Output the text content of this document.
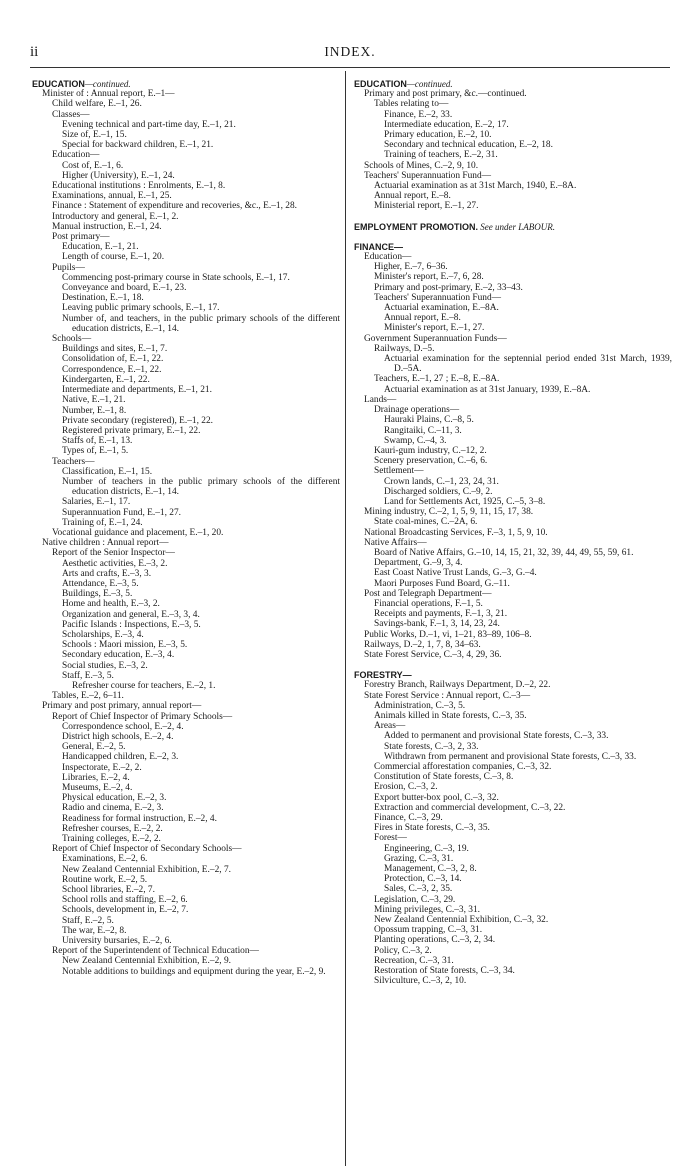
ii	INDEX.
EDUCATION—continued.
Minister of : Annual report, E.–1—
Child welfare, E.–1, 26.
Classes—
Evening technical and part-time day, E.–1, 21.
Size of, E.–1, 15.
Special for backward children, E.–1, 21.
Education—
Cost of, E.–1, 6.
Higher (University), E.–1, 24.
Educational institutions : Enrolments, E.–1, 8.
Examinations, annual, E.–1, 25.
Finance : Statement of expenditure and recoveries, &c., E.–1, 28.
Introductory and general, E.–1, 2.
Manual instruction, E.–1, 24.
Post primary—
Education, E.–1, 21.
Length of course, E.–1, 20.
Pupils—
Commencing post-primary course in State schools, E.–1, 17.
Conveyance and board, E.–1, 23.
Destination, E.–1, 18.
Leaving public primary schools, E.–1, 17.
Number of, and teachers, in the public primary schools of the different education districts, E.–1, 14.
Schools—
Buildings and sites, E.–1, 7.
Consolidation of, E.–1, 22.
Correspondence, E.–1, 22.
Kindergarten, E.–1, 22.
Intermediate and departments, E.–1, 21.
Native, E.–1, 21.
Number, E.–1, 8.
Private secondary (registered), E.–1, 22.
Registered private primary, E.–1, 22.
Staffs of, E.–1, 13.
Types of, E.–1, 5.
Teachers—
Classification, E.–1, 15.
Number of teachers in the public primary schools of the different education districts, E.–1, 14.
Salaries, E.–1, 17.
Superannuation Fund, E.–1, 27.
Training of, E.–1, 24.
Vocational guidance and placement, E.–1, 20.
Native children : Annual report—
Report of the Senior Inspector—
Aesthetic activities, E.–3, 2.
Arts and crafts, E.–3, 3.
Attendance, E.–3, 5.
Buildings, E.–3, 5.
Home and health, E.–3, 2.
Organization and general, E.–3, 3, 4.
Pacific Islands : Inspections, E.–3, 5.
Scholarships, E.–3, 4.
Schools : Maori mission, E.–3, 5.
Secondary education, E.–3, 4.
Social studies, E.–3, 2.
Staff, E.–3, 5.
Refresher course for teachers, E.–2, 1.
Tables, E.–2, 6–11.
Primary and post primary, annual report—
Report of Chief Inspector of Primary Schools—
Correspondence school, E.–2, 4.
District high schools, E.–2, 4.
General, E.–2, 5.
Handicapped children, E.–2, 3.
Inspectorate, E.–2, 2.
Libraries, E.–2, 4.
Museums, E.–2, 4.
Physical education, E.–2, 3.
Radio and cinema, E.–2, 3.
Readiness for formal instruction, E.–2, 4.
Refresher courses, E.–2, 2.
Training colleges, E.–2, 2.
Report of Chief Inspector of Secondary Schools—
Examinations, E.–2, 6.
New Zealand Centennial Exhibition, E.–2, 7.
Routine work, E.–2, 5.
School libraries, E.–2, 7.
School rolls and staffing, E.–2, 6.
Schools, development in, E.–2, 7.
Staff, E.–2, 5.
The war, E.–2, 8.
University bursaries, E.–2, 6.
Report of the Superintendent of Technical Education—
New Zealand Centennial Exhibition, E.–2, 9.
Notable additions to buildings and equipment during the year, E.–2, 9.
EDUCATION—continued.
Primary and post primary, &c.—continued.
Tables relating to—
Finance, E.–2, 33.
Intermediate education, E.–2, 17.
Primary education, E.–2, 10.
Secondary and technical education, E.–2, 18.
Training of teachers, E.–2, 31.
Schools of Mines, C.–2, 9, 10.
Teachers' Superannuation Fund—
Actuarial examination as at 31st March, 1940, E.–8A.
Annual report, E.–8.
Ministerial report, E.–1, 27.
EMPLOYMENT PROMOTION. See under LABOUR.
FINANCE—
Education—
Higher, E.–7, 6–36.
Minister's report, E.–7, 6, 28.
Primary and post-primary, E.–2, 33–43.
Teachers' Superannuation Fund—
Actuarial examination, E.–8A.
Annual report, E.–8.
Minister's report, E.–1, 27.
Government Superannuation Funds—
Railways, D.–5.
Actuarial examination for the septennial period ended 31st March, 1939, D.–5A.
Teachers, E.–1, 27 ; E.–8, E.–8A.
Actuarial examination as at 31st January, 1939, E.–8A.
Lands—
Drainage operations—
Hauraki Plains, C.–8, 5.
Rangitaiki, C.–11, 3.
Swamp, C.–4, 3.
Kauri-gum industry, C.–12, 2.
Scenery preservation, C.–6, 6.
Settlement—
Crown lands, C.–1, 23, 24, 31.
Discharged soldiers, C.–9, 2.
Land for Settlements Act, 1925, C.–5, 3–8.
Mining industry, C.–2, 1, 5, 9, 11, 15, 17, 38.
State coal-mines, C.–2A, 6.
National Broadcasting Services, F.–3, 1, 5, 9, 10.
Native Affairs—
Board of Native Affairs, G.–10, 14, 15, 21, 32, 39, 44, 49, 55, 59, 61.
Department, G.–9, 3, 4.
East Coast Native Trust Lands, G.–3, G.–4.
Maori Purposes Fund Board, G.–11.
Post and Telegraph Department—
Financial operations, F.–1, 5.
Receipts and payments, F.–1, 3, 21.
Savings-bank, F.–1, 3, 14, 23, 24.
Public Works, D.–1, vi, 1–21, 83–89, 106–8.
Railways, D.–2, 1, 7, 8, 34–63.
State Forest Service, C.–3, 4, 29, 36.
FORESTRY—
Forestry Branch, Railways Department, D.–2, 22.
State Forest Service : Annual report, C.–3—
Administration, C.–3, 5.
Animals killed in State forests, C.–3, 35.
Areas—
Added to permanent and provisional State forests, C.–3, 33.
State forests, C.–3, 2, 33.
Withdrawn from permanent and provisional State forests, C.–3, 33.
Commercial afforestation companies, C.–3, 32.
Constitution of State forests, C.–3, 8.
Erosion, C.–3, 2.
Export butter-box pool, C.–3, 32.
Extraction and commercial development, C.–3, 22.
Finance, C.–3, 29.
Fires in State forests, C.–3, 35.
Forest—
Engineering, C.–3, 19.
Grazing, C.–3, 31.
Management, C.–3, 2, 8.
Protection, C.–3, 14.
Sales, C.–3, 2, 35.
Legislation, C.–3, 29.
Mining privileges, C.–3, 31.
New Zealand Centennial Exhibition, C.–3, 32.
Opossum trapping, C.–3, 31.
Planting operations, C.–3, 2, 34.
Policy, C.–3, 2.
Recreation, C.–3, 31.
Restoration of State forests, C.–3, 34.
Silviculture, C.–3, 2, 10.
